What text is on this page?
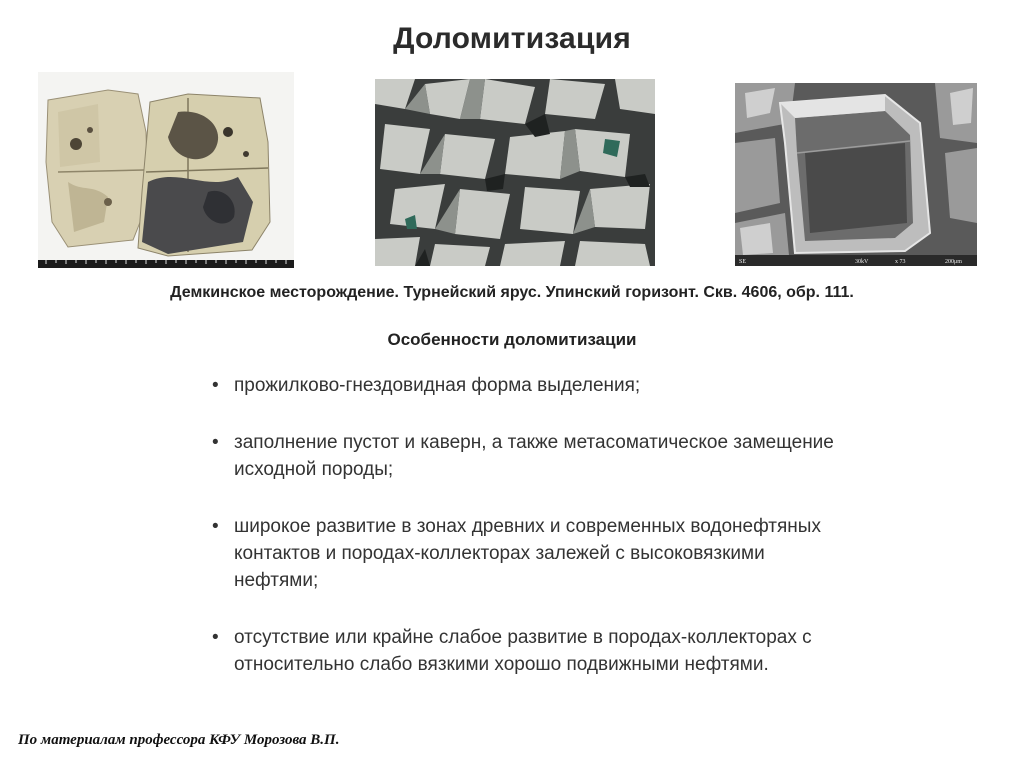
Доломитизация
SE	30kV	x 73	200μm
Демкинское месторождение. Турнейский ярус. Упинский горизонт. Скв. 4606, обр. 111.
Особенности доломитизации
• прожилково-гнездовидная форма выделения;
• заполнение пустот и каверн, а также метасоматическое замещение исходной породы;
• широкое развитие в зонах древних и современных водонефтяных контактов и породах-коллекторах залежей с высоковязкими нефтями;
• отсутствие или крайне слабое развитие в породах-коллекторах с относительно слабо вязкими хорошо подвижными нефтями.
По материалам профессора КФУ Морозова В.П.
